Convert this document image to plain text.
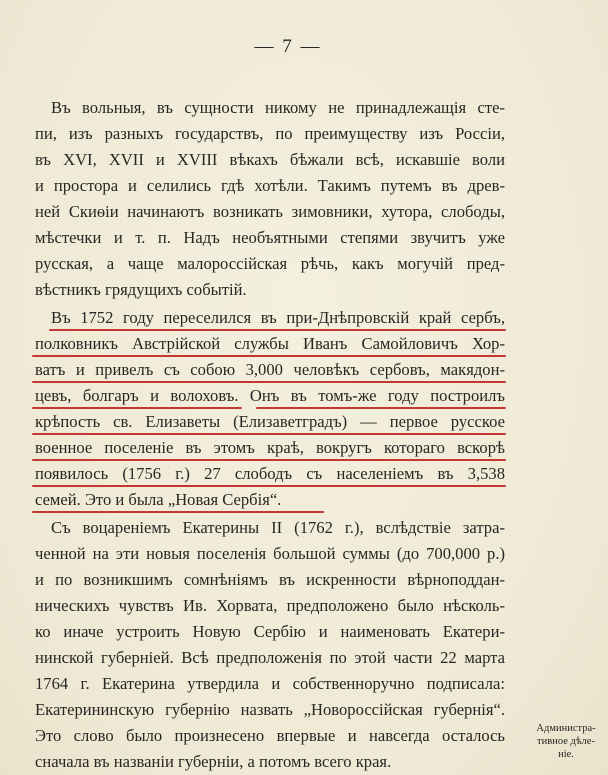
— 7 —
Въ вольныя, въ сущности никому не принадлежащія сте-
пи, изъ разныхъ государствъ, по преимуществу изъ Россіи,
въ XVI, XVII и XVIII вѣкахъ бѣжали всѣ, искавшіе воли
и простора и селились гдѣ хотѣли. Такимъ путемъ въ древ-
ней Скиѳіи начинаютъ возникать зимовники, хутора, слободы,
мѣстечки и т. п. Надъ необъятными степями звучитъ уже
русская, а чаще малороссійская рѣчь, какъ могучій пред-
вѣстникъ грядущихъ событій.
Въ 1752 году переселился въ при-Днѣпровскій край сербъ,
полковникъ Австрійской службы Иванъ Самойловичъ Хор-
ватъ и привелъ съ собою 3,000 человѣкъ сербовъ, макядон-
цевъ, болгаръ и волоховъ. Онъ въ томъ-же году построилъ
крѣпость св. Елизаветы (Елизаветградъ) — первое русское
военное поселеніе въ этомъ краѣ, вокругъ котораго вскорѣ
появилось (1756 г.) 27 слободъ съ населеніемъ въ 3,538
семей. Это и была „Новая Сербія“.
Съ воцареніемъ Екатерины II (1762 г.), вслѣдствіе затра-
ченной на эти новыя поселенія большой суммы (до 700,000 р.)
и по возникшимъ сомнѣніямъ въ искренности вѣрноподдан-
ническихъ чувствъ Ив. Хорвата, предположено было нѣсколь-
ко иначе устроить Новую Сербію и наименовать Екатери-
нинской губерніей. Всѣ предположенія по этой части 22 марта
1764 г. Екатерина утвердила и собственноручно подписала:
Екатерининскую губернію назвать „Новороссійская губернія“.
Это слово было произнесено впервые и навсегда осталось
сначала въ названіи губерніи, а потомъ всего края.
Администра-
тивное дѣле-
ніе.
